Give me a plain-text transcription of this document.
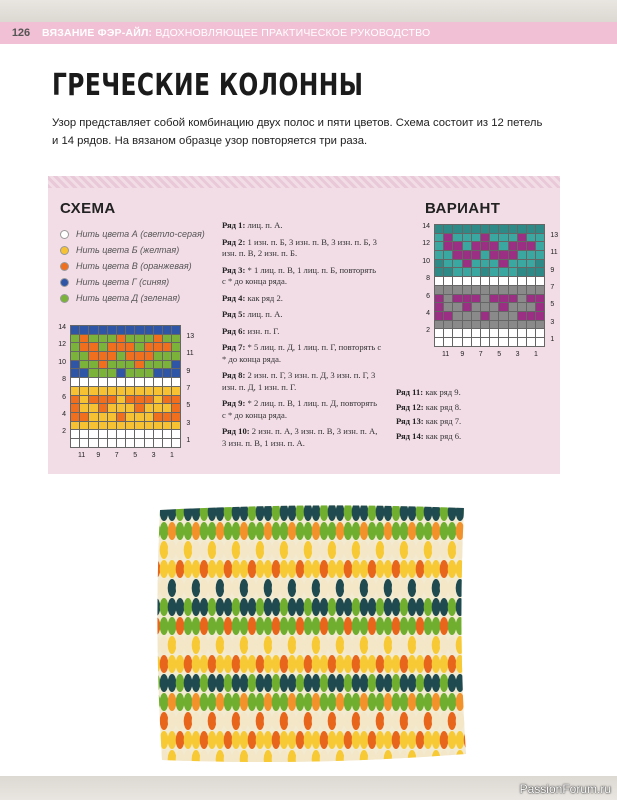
126	ВЯЗАНИЕ ФЭР-АЙЛ: ВДОХНОВЛЯЮЩЕЕ ПРАКТИЧЕСКОЕ РУКОВОДСТВО
ГРЕЧЕСКИЕ КОЛОННЫ
Узор представляет собой комбинацию двух полос и пяти цветов. Схема состоит из 12 петель
и 14 рядов. На вязаном образце узор повторяется три раза.
СХЕМА	ВАРИАНТ
Нить цвета А (светло-серая)
Нить цвета Б (желтая)
Нить цвета В (оранжевая)
Нить цвета Г (синяя)
Нить цвета Д (зеленая)
14
12
10
8
6
4
2
13
11
9
7
5
3
1
11 9 7 5 3 1
14
12
10
8
6
4
2
13
11
9
7
5
3
1
11 9 7 5 3 1

Ряд 1: лиц. п. А.

Ряд 2: 1 изн. п. Б, 3 изн. п. В, 3 изн. п. Б, 3 изн. п. В, 2 изн. п. Б.

Ряд 3: * 1 лиц. п. В, 1 лиц. п. Б, повторять с * до конца ряда.

Ряд 4: как ряд 2.

Ряд 5: лиц. п. А.

Ряд 6: изн. п. Г.

Ряд 7: * 5 лиц. п. Д, 1 лиц. п. Г, повторять с * до конца ряда.

Ряд 8: 2 изн. п. Г, 3 изн. п. Д, 3 изн. п. Г, 3 изн. п. Д, 1 изн. п. Г.

Ряд 9: * 2 лиц. п. В, 1 лиц. п. Д, повторять с * до конца ряда.

Ряд 10: 2 изн. п. А, 3 изн. п. В, 3 изн. п. А, 3 изн. п. В, 1 изн. п. А.

Ряд 11: как ряд 9.

Ряд 12: как ряд 8.

Ряд 13: как ряд 7.

Ряд 14: как ряд 6.

PassionForum.ru
